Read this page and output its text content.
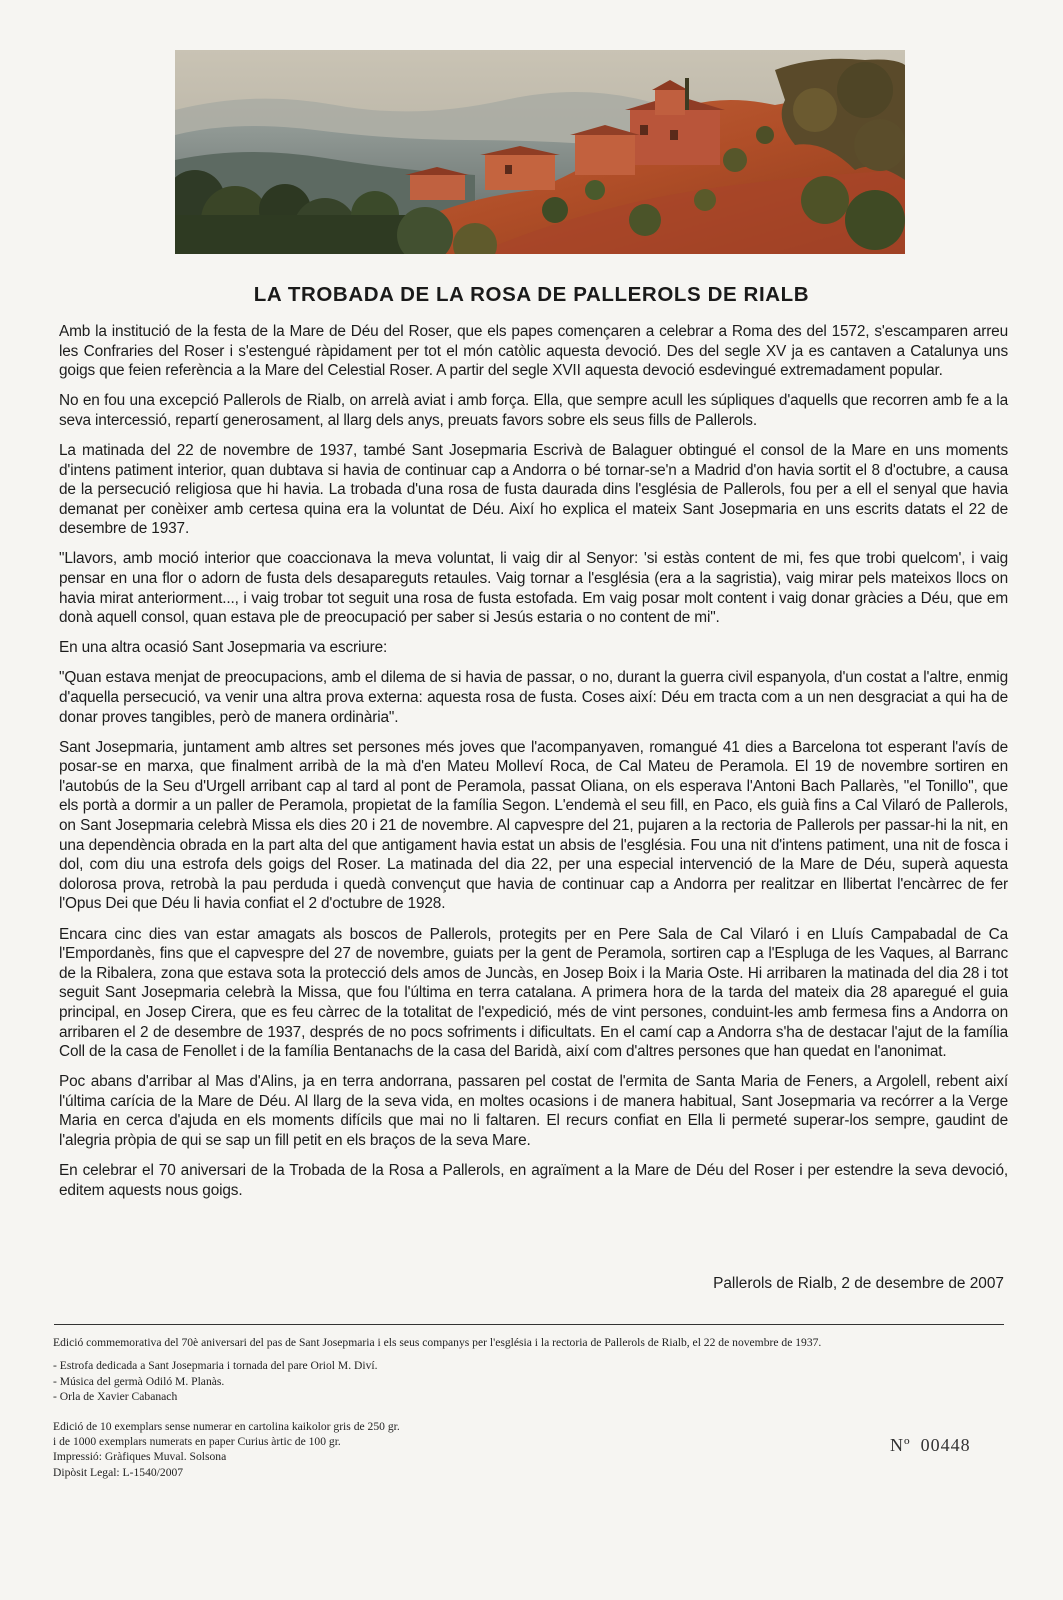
LA TROBADA DE LA ROSA DE PALLEROLS DE RIALB

Amb la institució de la festa de la Mare de Déu del Roser, que els papes començaren a celebrar a Roma des del 1572, s'escamparen arreu les Confraries del Roser i s'estengué ràpidament per tot el món catòlic aquesta devoció. Des del segle XV ja es cantaven a Catalunya uns goigs que feien referència a la Mare del Celestial Roser. A partir del segle XVII aquesta devoció esdevingué extremadament popular.

No en fou una excepció Pallerols de Rialb, on arrelà aviat i amb força. Ella, que sempre acull les súpliques d'aquells que recorren amb fe a la seva intercessió, repartí generosament, al llarg dels anys, preuats favors sobre els seus fills de Pallerols.

La matinada del 22 de novembre de 1937, també Sant Josepmaria Escrivà de Balaguer obtingué el consol de la Mare en uns moments d'intens patiment interior, quan dubtava si havia de continuar cap a Andorra o bé tornar-se'n a Madrid d'on havia sortit el 8 d'octubre, a causa de la persecució religiosa que hi havia. La trobada d'una rosa de fusta daurada dins l'església de Pallerols, fou per a ell el senyal que havia demanat per conèixer amb certesa quina era la voluntat de Déu. Així ho explica el mateix Sant Josepmaria en uns escrits datats el 22 de desembre de 1937.

"Llavors, amb moció interior que coaccionava la meva voluntat, li vaig dir al Senyor: 'si estàs content de mi, fes que trobi quelcom', i vaig pensar en una flor o adorn de fusta dels desapareguts retaules. Vaig tornar a l'església (era a la sagristia), vaig mirar pels mateixos llocs on havia mirat anteriorment..., i vaig trobar tot seguit una rosa de fusta estofada. Em vaig posar molt content i vaig donar gràcies a Déu, que em donà aquell consol, quan estava ple de preocupació per saber si Jesús estaria o no content de mi".

En una altra ocasió Sant Josepmaria va escriure:

"Quan estava menjat de preocupacions, amb el dilema de si havia de passar, o no, durant la guerra civil espanyola, d'un costat a l'altre, enmig d'aquella persecució, va venir una altra prova externa: aquesta rosa de fusta. Coses així: Déu em tracta com a un nen desgraciat a qui ha de donar proves tangibles, però de manera ordinària".

Sant Josepmaria, juntament amb altres set persones més joves que l'acompanyaven, romangué 41 dies a Barcelona tot esperant l'avís de posar-se en marxa, que finalment arribà de la mà d'en Mateu Molleví Roca, de Cal Mateu de Peramola. El 19 de novembre sortiren en l'autobús de la Seu d'Urgell arribant cap al tard al pont de Peramola, passat Oliana, on els esperava l'Antoni Bach Pallarès, "el Tonillo", que els portà a dormir a un paller de Peramola, propietat de la família Segon. L'endemà el seu fill, en Paco, els guià fins a Cal Vilaró de Pallerols, on Sant Josepmaria celebrà Missa els dies 20 i 21 de novembre. Al capvespre del 21, pujaren a la rectoria de Pallerols per passar-hi la nit, en una dependència obrada en la part alta del que antigament havia estat un absis de l'església. Fou una nit d'intens patiment, una nit de fosca i dol, com diu una estrofa dels goigs del Roser. La matinada del dia 22, per una especial intervenció de la Mare de Déu, superà aquesta dolorosa prova, retrobà la pau perduda i quedà convençut que havia de continuar cap a Andorra per realitzar en llibertat l'encàrrec de fer l'Opus Dei que Déu li havia confiat el 2 d'octubre de 1928.

Encara cinc dies van estar amagats als boscos de Pallerols, protegits per en Pere Sala de Cal Vilaró i en Lluís Campabadal de Ca l'Empordanès, fins que el capvespre del 27 de novembre, guiats per la gent de Peramola, sortiren cap a l'Espluga de les Vaques, al Barranc de la Ribalera, zona que estava sota la protecció dels amos de Juncàs, en Josep Boix i la Maria Oste. Hi arribaren la matinada del dia 28 i tot seguit Sant Josepmaria celebrà la Missa, que fou l'última en terra catalana. A primera hora de la tarda del mateix dia 28 aparegué el guia principal, en Josep Cirera, que es feu càrrec de la totalitat de l'expedició, més de vint persones, conduint-les amb fermesa fins a Andorra on arribaren el 2 de desembre de 1937, després de no pocs sofriments i dificultats. En el camí cap a Andorra s'ha de destacar l'ajut de la família Coll de la casa de Fenollet i de la família Bentanachs de la casa del Baridà, així com d'altres persones que han quedat en l'anonimat.

Poc abans d'arribar al Mas d'Alins, ja en terra andorrana, passaren pel costat de l'ermita de Santa Maria de Feners, a Argolell, rebent així l'última carícia de la Mare de Déu. Al llarg de la seva vida, en moltes ocasions i de manera habitual, Sant Josepmaria va recórrer a la Verge Maria en cerca d'ajuda en els moments difícils que mai no li faltaren. El recurs confiat en Ella li permeté superar-los sempre, gaudint de l'alegria pròpia de qui se sap un fill petit en els braços de la seva Mare.

En celebrar el 70 aniversari de la Trobada de la Rosa a Pallerols, en agraïment a la Mare de Déu del Roser i per estendre la seva devoció, editem aquests nous goigs.

Pallerols de Rialb, 2 de desembre de 2007
Edició commemorativa del 70è aniversari del pas de Sant Josepmaria i els seus companys per l'església i la rectoria de Pallerols de Rialb, el 22 de novembre de 1937.
- Estrofa dedicada a Sant Josepmaria i tornada del pare Oriol M. Diví.
- Música del germà Odiló M. Planàs.
- Orla de Xavier Cabanach
Edició de 10 exemplars sense numerar en cartolina kaikolor gris de 250 gr.
i de 1000 exemplars numerats en paper Curius àrtic de 100 gr.
Impressió: Gràfiques Muval. Solsona
Dipòsit Legal: L-1540/2007
Nº 00448
